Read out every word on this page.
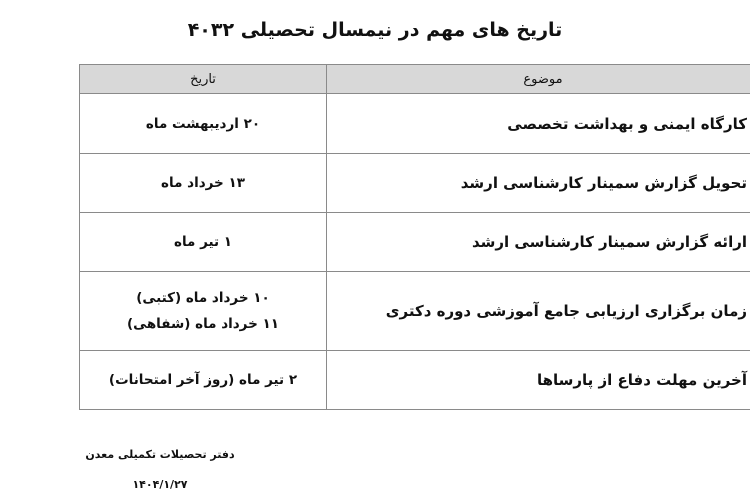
تاریخ های مهم در نیمسال تحصیلی ۴۰۳۲
موضوع	تاریخ
کارگاه ایمنی و بهداشت تخصصی	۲۰ اردیبهشت ماه

تحویل گزارش سمینار کارشناسی ارشد	۱۳ خرداد ماه

ارائه گزارش سمینار کارشناسی ارشد	۱ تیر ماه

زمان برگزاری ارزیابی جامع آموزشی دوره دکتری	۱۰ خرداد ماه (کتبی)
۱۱ خرداد ماه (شفاهی)

آخرین مهلت دفاع از پارساها	۲ تیر ماه (روز آخر امتحانات)
دفتر تحصیلات تکمیلی معدن
۱۴۰۴/۱/۲۷
